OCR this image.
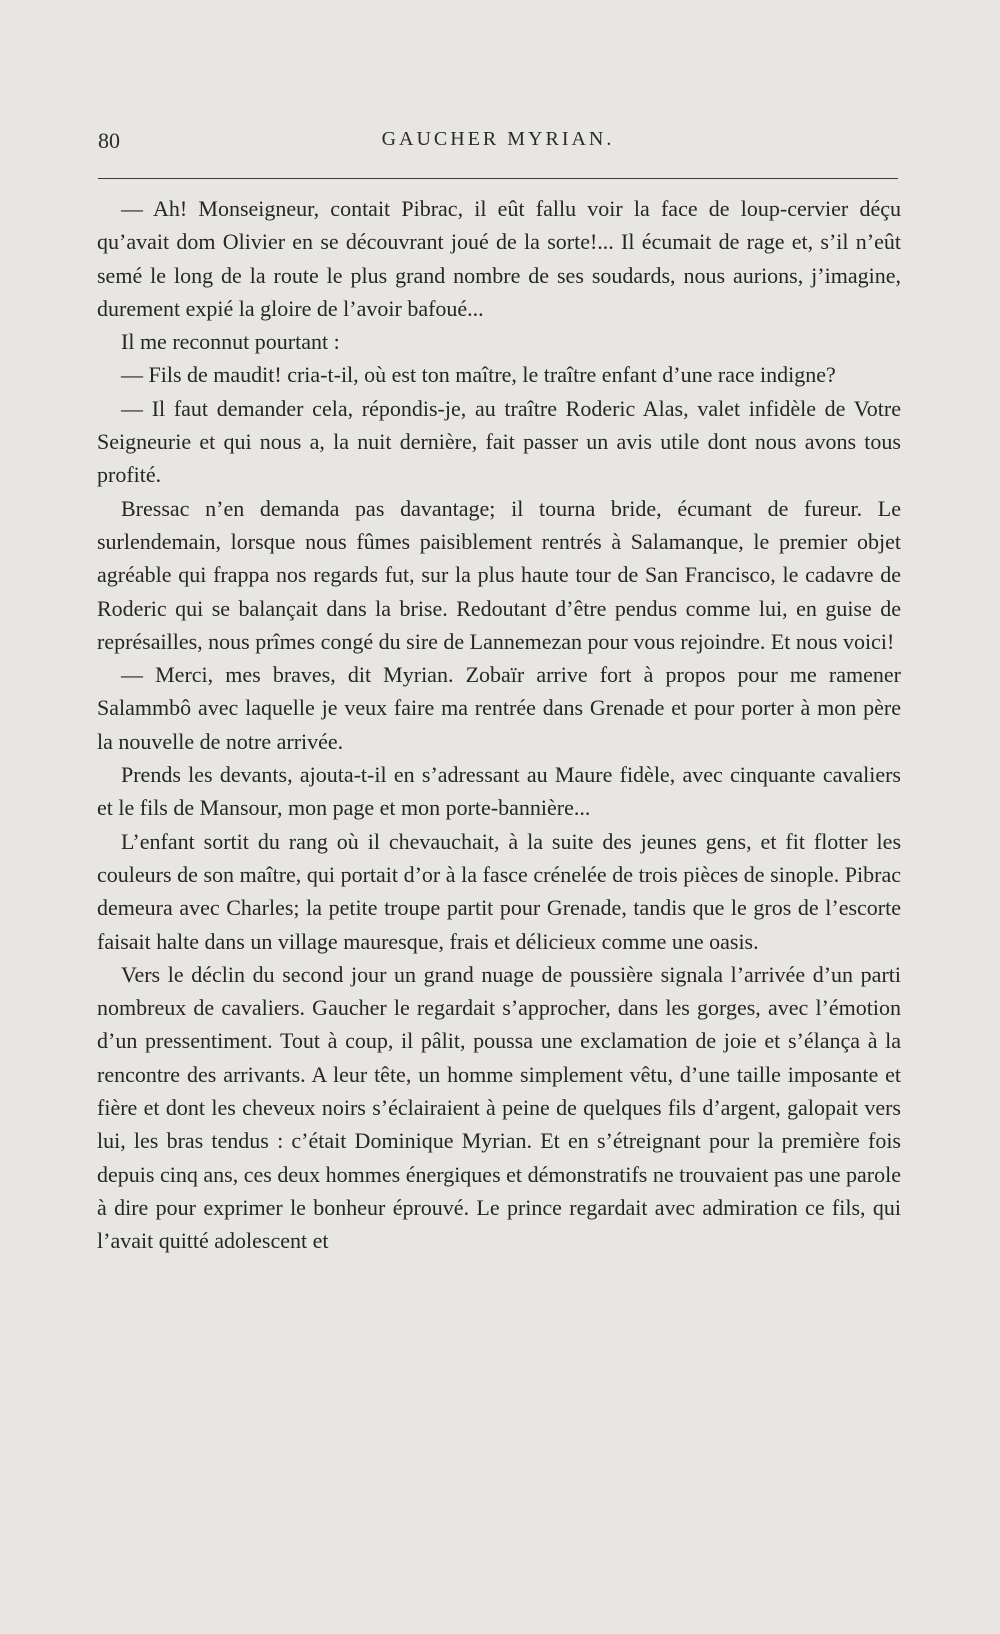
80	GAUCHER MYRIAN.

— Ah! Monseigneur, contait Pibrac, il eût fallu voir la face de loup-cervier déçu qu’avait dom Olivier en se découvrant joué de la sorte!... Il écumait de rage et, s’il n’eût semé le long de la route le plus grand nombre de ses soudards, nous aurions, j’imagine, durement expié la gloire de l’avoir bafoué...

Il me reconnut pourtant :

— Fils de maudit! cria-t-il, où est ton maître, le traître enfant d’une race indigne?

— Il faut demander cela, répondis-je, au traître Roderic Alas, valet infidèle de Votre Seigneurie et qui nous a, la nuit dernière, fait passer un avis utile dont nous avons tous profité.

Bressac n’en demanda pas davantage; il tourna bride, écumant de fureur. Le surlendemain, lorsque nous fûmes paisiblement rentrés à Salamanque, le premier objet agréable qui frappa nos regards fut, sur la plus haute tour de San Francisco, le cadavre de Roderic qui se balançait dans la brise. Redoutant d’être pendus comme lui, en guise de représailles, nous prîmes congé du sire de Lannemezan pour vous rejoindre. Et nous voici!

— Merci, mes braves, dit Myrian. Zobaïr arrive fort à propos pour me ramener Salammbô avec laquelle je veux faire ma rentrée dans Grenade et pour porter à mon père la nouvelle de notre arrivée.

Prends les devants, ajouta-t-il en s’adressant au Maure fidèle, avec cinquante cavaliers et le fils de Mansour, mon page et mon porte-bannière...

L’enfant sortit du rang où il chevauchait, à la suite des jeunes gens, et fit flotter les couleurs de son maître, qui portait d’or à la fasce crénelée de trois pièces de sinople. Pibrac demeura avec Charles; la petite troupe partit pour Grenade, tandis que le gros de l’escorte faisait halte dans un village mauresque, frais et délicieux comme une oasis.

Vers le déclin du second jour un grand nuage de poussière signala l’arrivée d’un parti nombreux de cavaliers. Gaucher le regardait s’approcher, dans les gorges, avec l’émotion d’un pressentiment. Tout à coup, il pâlit, poussa une exclamation de joie et s’élança à la rencontre des arrivants. A leur tête, un homme simplement vêtu, d’une taille imposante et fière et dont les cheveux noirs s’éclairaient à peine de quelques fils d’argent, galopait vers lui, les bras tendus : c’était Dominique Myrian. Et en s’étreignant pour la première fois depuis cinq ans, ces deux hommes énergiques et démonstratifs ne trouvaient pas une parole à dire pour exprimer le bonheur éprouvé. Le prince regardait avec admiration ce fils, qui l’avait quitté adolescent et
